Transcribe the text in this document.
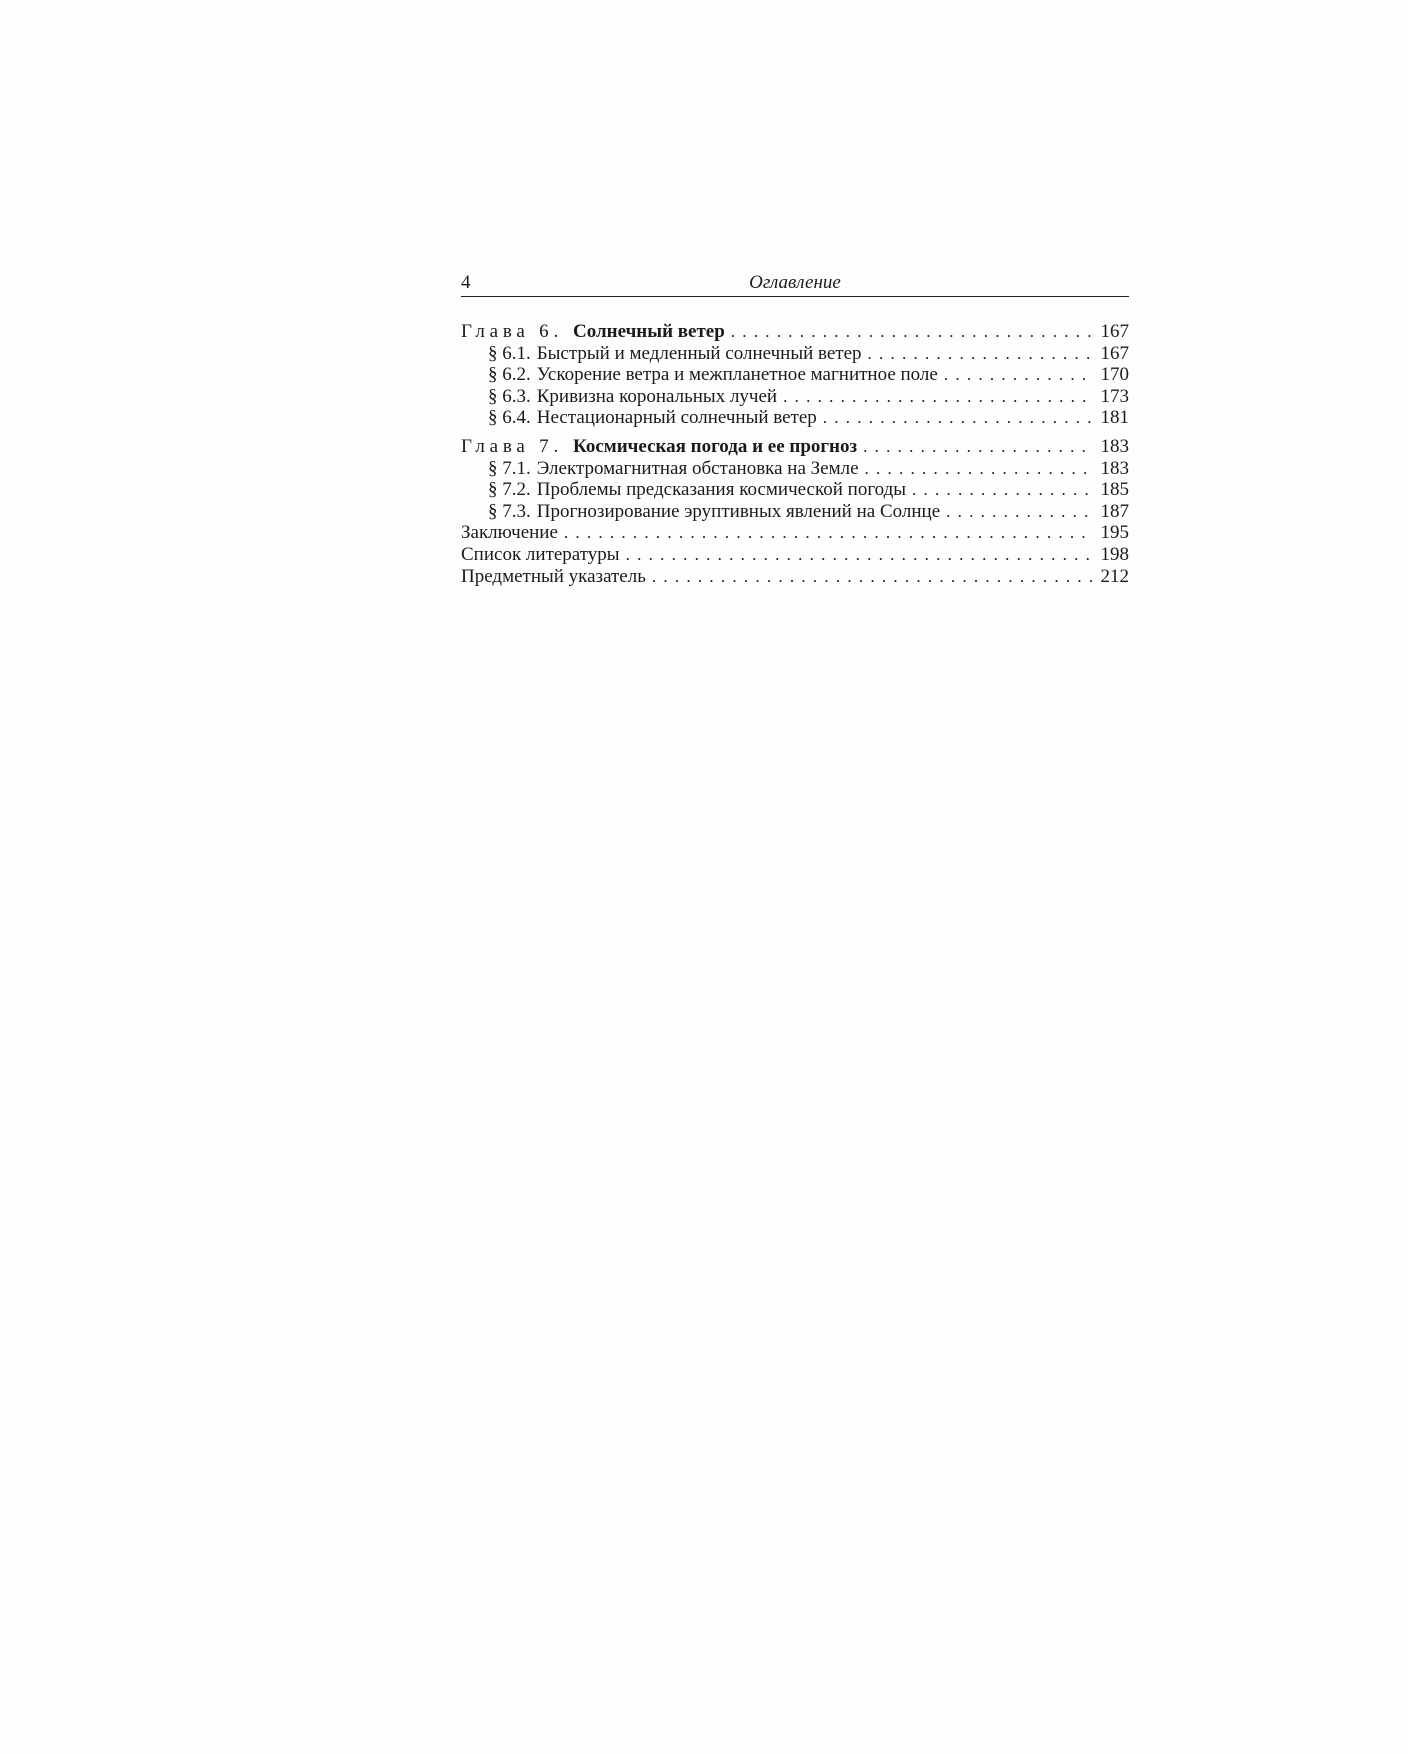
4	Оглавление
Глава 6. Солнечный ветер . . .	167
§ 6.1. Быстрый и медленный солнечный ветер . . .	167
§ 6.2. Ускорение ветра и межпланетное магнитное поле . . .	170
§ 6.3. Кривизна корональных лучей . . .	173
§ 6.4. Нестационарный солнечный ветер . . .	181
Глава 7. Космическая погода и ее прогноз . . .	183
§ 7.1. Электромагнитная обстановка на Земле . . .	183
§ 7.2. Проблемы предсказания космической погоды . . .	185
§ 7.3. Прогнозирование эруптивных явлений на Солнце . . .	187
Заключение . . .	195
Список литературы . . .	198
Предметный указатель . . .	212
